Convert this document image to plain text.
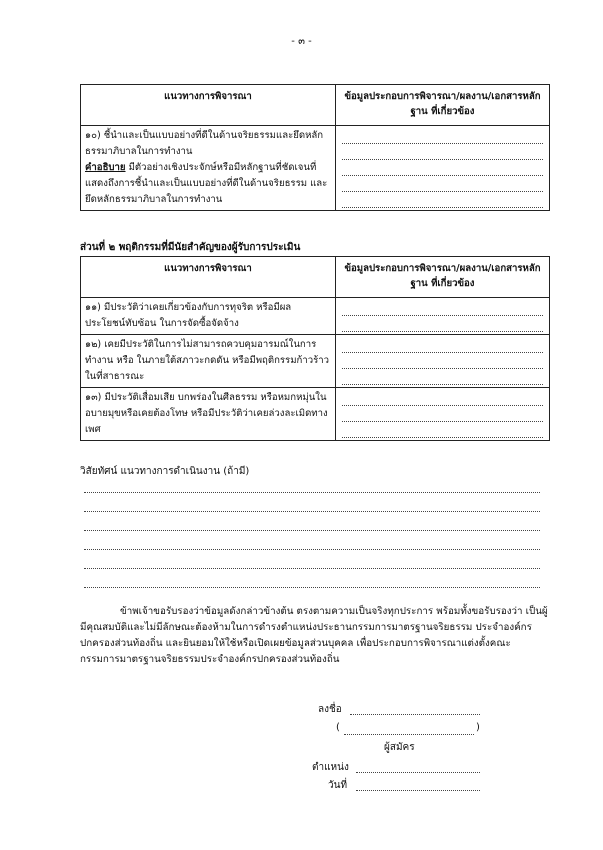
- ๓ -
แนวทางการพิจารณา	ข้อมูลประกอบการพิจารณา/ผลงาน/เอกสารหลักฐาน ที่เกี่ยวข้อง

๑๐) ชี้นำและเป็นแบบอย่างที่ดีในด้านจริยธรรมและยึดหลักธรรมาภิบาลในการทำงาน
คำอธิบาย มีตัวอย่างเชิงประจักษ์หรือมีหลักฐานที่ชัดเจนที่แสดงถึงการชี้นำและเป็นแบบอย่างที่ดีในด้านจริยธรรม และยึดหลักธรรมาภิบาลในการทำงาน	

ส่วนที่ ๒ พฤติกรรมที่มีนัยสำคัญของผู้รับการประเมิน
แนวทางการพิจารณา	ข้อมูลประกอบการพิจารณา/ผลงาน/เอกสารหลักฐาน ที่เกี่ยวข้อง
๑๑) มีประวัติว่าเคยเกี่ยวข้องกับการทุจริต หรือมีผลประโยชน์ทับซ้อน ในการจัดซื้อจัดจ้าง	

๑๒) เคยมีประวัติในการไม่สามารถควบคุมอารมณ์ในการทำงาน หรือ ในภายใต้สภาวะกดดัน หรือมีพฤติกรรมก้าวร้าวในที่สาธารณะ	

๑๓) มีประวัติเสื่อมเสีย บกพร่องในศีลธรรม หรือหมกหมุ่นในอบายมุขหรือเคยต้องโทษ หรือมีประวัติว่าเคยล่วงละเมิดทางเพศ	
วิสัยทัศน์ แนวทางการดำเนินงาน (ถ้ามี)

ข้าพเจ้าขอรับรองว่าข้อมูลดังกล่าวข้างต้น ตรงตามความเป็นจริงทุกประการ พร้อมทั้งขอรับรองว่า เป็นผู้มีคุณสมบัติและไม่มีลักษณะต้องห้ามในการดำรงตำแหน่งประธานกรรมการมาตรฐานจริยธรรม ประจำองค์กรปกครองส่วนท้องถิ่น และยินยอมให้ใช้หรือเปิดเผยข้อมูลส่วนบุคคล เพื่อประกอบการพิจารณาแต่งตั้งคณะกรรมการมาตรฐานจริยธรรมประจำองค์กรปกครองส่วนท้องถิ่น

ลงชื่อ
(	)
ผู้สมัคร
ตำแหน่ง
วันที่
